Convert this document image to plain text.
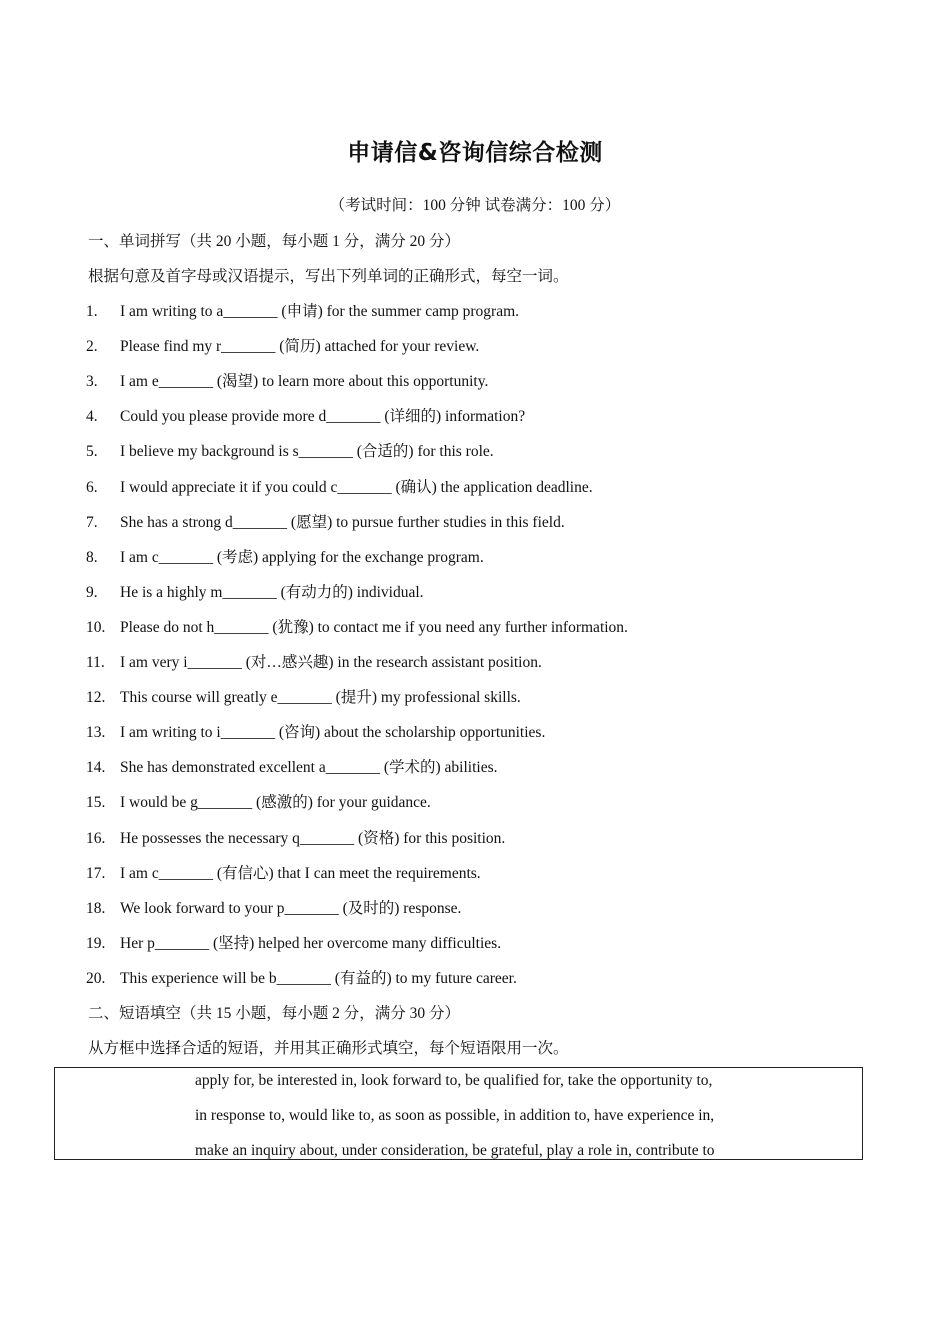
申请信&咨询信综合检测
（考试时间：100 分钟 试卷满分：100 分）
一、单词拼写（共 20 小题，每小题 1 分，满分 20 分）
根据句意及首字母或汉语提示，写出下列单词的正确形式，每空一词。
1. I am writing to a_______ (申请) for the summer camp program.
2. Please find my r_______ (简历) attached for your review.
3. I am e_______ (渴望) to learn more about this opportunity.
4. Could you please provide more d_______ (详细的) information?
5. I believe my background is s_______ (合适的) for this role.
6. I would appreciate it if you could c_______ (确认) the application deadline.
7. She has a strong d_______ (愿望) to pursue further studies in this field.
8. I am c_______ (考虑) applying for the exchange program.
9. He is a highly m_______ (有动力的) individual.
10. Please do not h_______ (犹豫) to contact me if you need any further information.
11. I am very i_______ (对…感兴趣) in the research assistant position.
12. This course will greatly e_______ (提升) my professional skills.
13. I am writing to i_______ (咨询) about the scholarship opportunities.
14. She has demonstrated excellent a_______ (学术的) abilities.
15. I would be g_______ (感激的) for your guidance.
16. He possesses the necessary q_______ (资格) for this position.
17. I am c_______ (有信心) that I can meet the requirements.
18. We look forward to your p_______ (及时的) response.
19. Her p_______ (坚持) helped her overcome many difficulties.
20. This experience will be b_______ (有益的) to my future career.
二、短语填空（共 15 小题，每小题 2 分，满分 30 分）
从方框中选择合适的短语，并用其正确形式填空，每个短语限用一次。
apply for, be interested in, look forward to, be qualified for, take the opportunity to,
in response to, would like to, as soon as possible, in addition to, have experience in,
make an inquiry about, under consideration, be grateful, play a role in, contribute to
